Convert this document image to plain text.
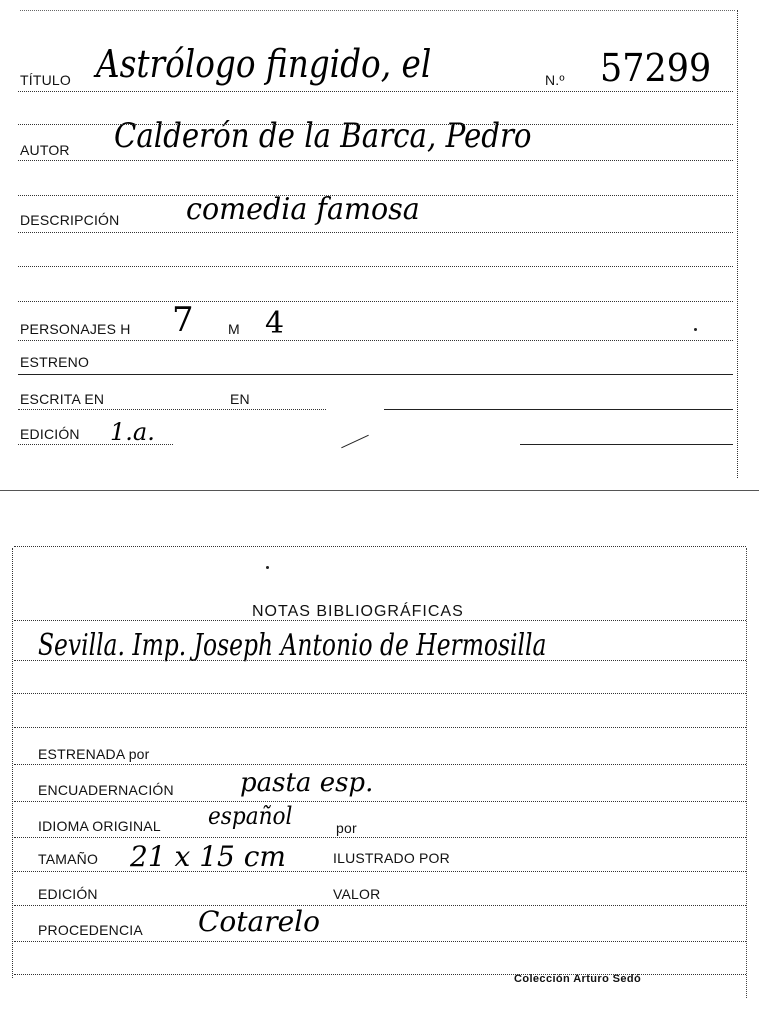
TÍTULO Astrólogo fingido, el	N.º 57299
AUTOR Calderón de la Barca, Pedro
DESCRIPCIÓN comedia famosa
PERSONAJES H 7 M 4
ESTRENO
ESCRITA EN	EN
EDICIÓN 1.a.
NOTAS BIBLIOGRÁFICAS
Sevilla. Imp. Joseph Antonio de Hermosilla
ESTRENADA por
ENCUADERNACIÓN	pasta esp.
IDIOMA ORIGINAL español	por
TAMAÑO 21 x 15 cm	ILUSTRADO POR
EDICIÓN	VALOR
PROCEDENCIA Cotarelo
Colección Arturo Sedó
